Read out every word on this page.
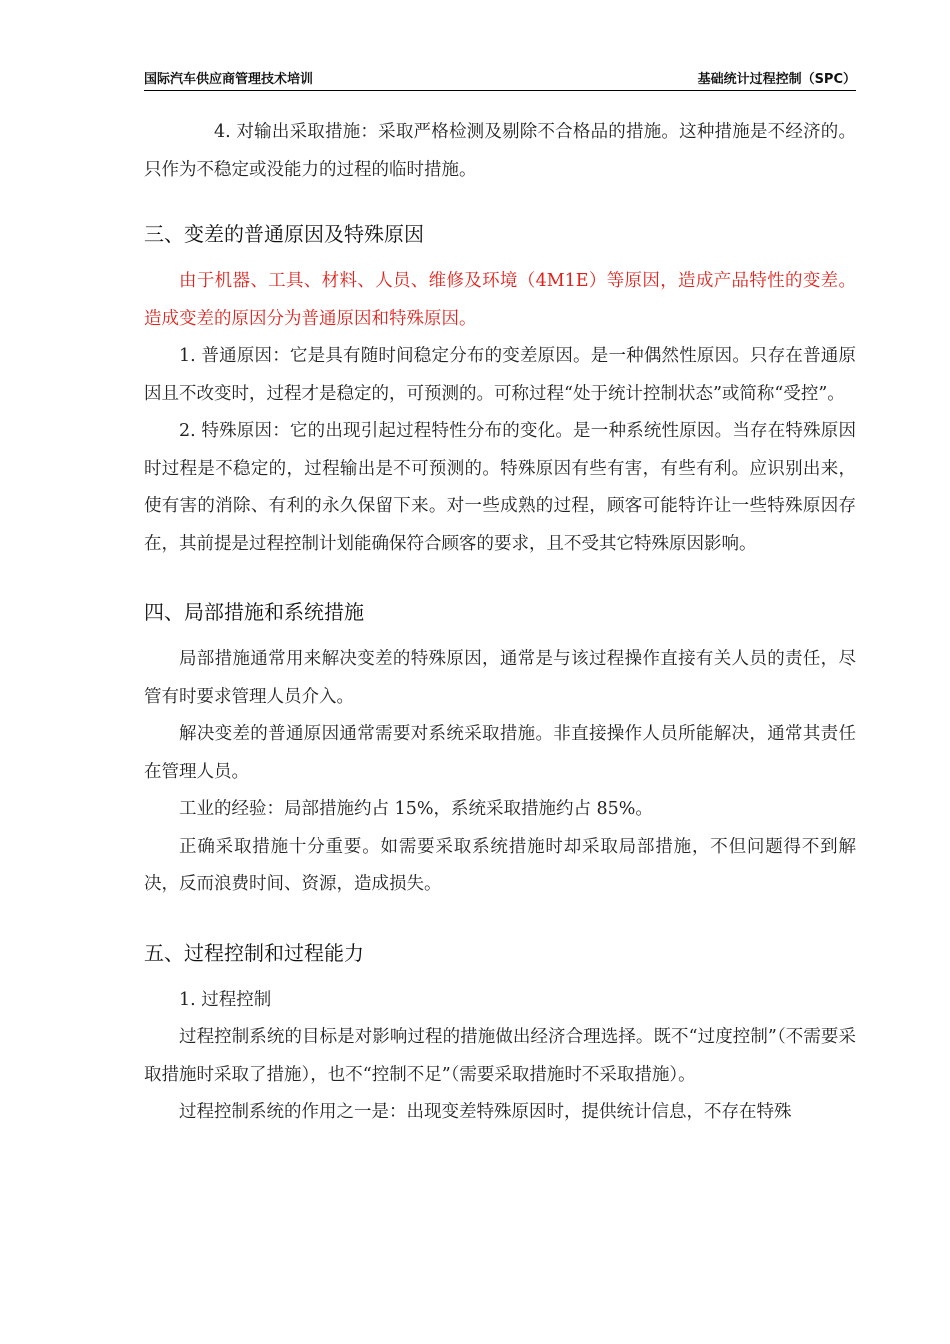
国际汽车供应商管理技术培训	基础统计过程控制（SPC）

4. 对输出采取措施：采取严格检测及剔除不合格品的措施。这种措施是不经济的。只作为不稳定或没能力的过程的临时措施。

三、变差的普通原因及特殊原因

由于机器、工具、材料、人员、维修及环境（4M1E）等原因，造成产品特性的变差。造成变差的原因分为普通原因和特殊原因。

1. 普通原因：它是具有随时间稳定分布的变差原因。是一种偶然性原因。只存在普通原因且不改变时，过程才是稳定的，可预测的。可称过程“处于统计控制状态”或简称“受控”。

2. 特殊原因：它的出现引起过程特性分布的变化。是一种系统性原因。当存在特殊原因时过程是不稳定的，过程输出是不可预测的。特殊原因有些有害，有些有利。应识别出来，使有害的消除、有利的永久保留下来。对一些成熟的过程，顾客可能特许让一些特殊原因存在，其前提是过程控制计划能确保符合顾客的要求，且不受其它特殊原因影响。

四、局部措施和系统措施

局部措施通常用来解决变差的特殊原因，通常是与该过程操作直接有关人员的责任，尽管有时要求管理人员介入。

解决变差的普通原因通常需要对系统采取措施。非直接操作人员所能解决，通常其责任在管理人员。

工业的经验：局部措施约占 15%，系统采取措施约占 85%。

正确采取措施十分重要。如需要采取系统措施时却采取局部措施，不但问题得不到解决，反而浪费时间、资源，造成损失。

五、过程控制和过程能力

1. 过程控制

过程控制系统的目标是对影响过程的措施做出经济合理选择。既不“过度控制”（不需要采取措施时采取了措施），也不“控制不足”（需要采取措施时不采取措施）。

过程控制系统的作用之一是：出现变差特殊原因时，提供统计信息，不存在特殊
